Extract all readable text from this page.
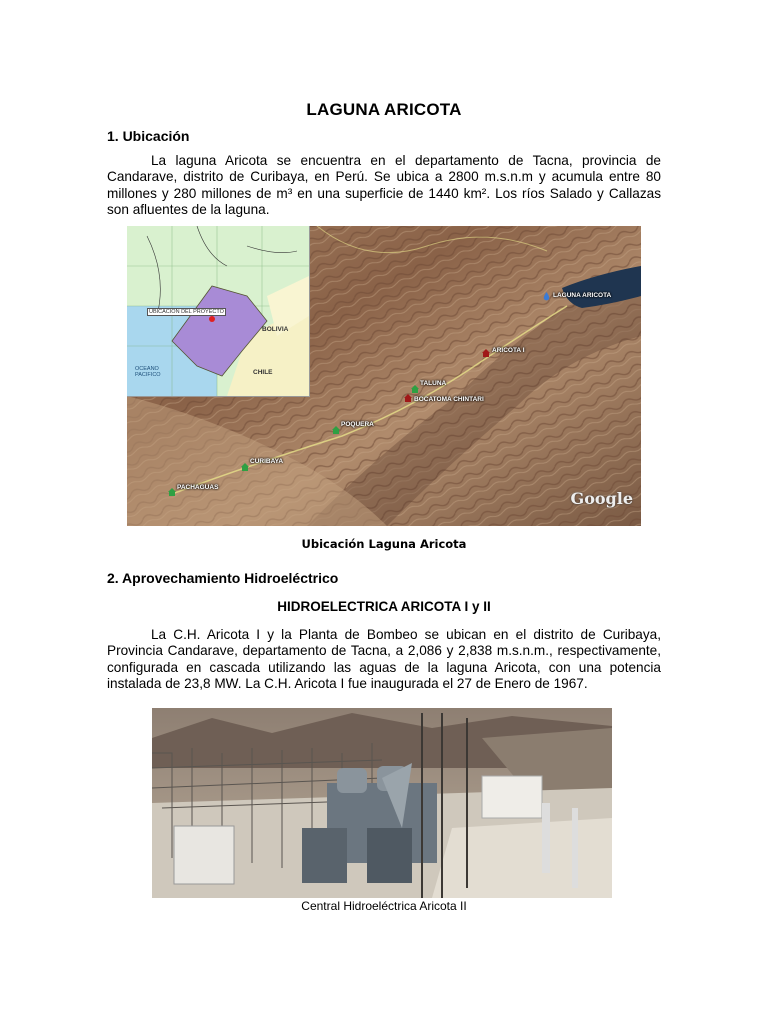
LAGUNA ARICOTA
1. Ubicación
La laguna Aricota se encuentra en el departamento de Tacna, provincia de Candarave, distrito de Curibaya, en Perú. Se ubica a 2800 m.s.n.m y acumula entre 80 millones y 280 millones de m³ en una superficie de 1440 km². Los ríos Salado y Callazas son afluentes de la laguna.
BOLIVIA
CHILE
OCEANO PACIFICO
UBICACION DEL PROYECTO
LAGUNA ARICOTA
ARICOTA I
TALUNA
BOCATOMA CHINTARI
POQUERA
CURIBAYA
PACHAGUAS
Google
Ubicación Laguna Aricota
2. Aprovechamiento Hidroeléctrico
HIDROELECTRICA ARICOTA I y II
La C.H. Aricota I y la Planta de Bombeo se ubican en el distrito de Curibaya, Provincia Candarave, departamento de Tacna, a 2,086 y 2,838 m.s.n.m., respectivamente, configurada en cascada utilizando las aguas de la laguna Aricota, con una potencia instalada de 23,8 MW. La C.H. Aricota I fue inaugurada el 27 de Enero de 1967.
Central Hidroeléctrica Aricota II
